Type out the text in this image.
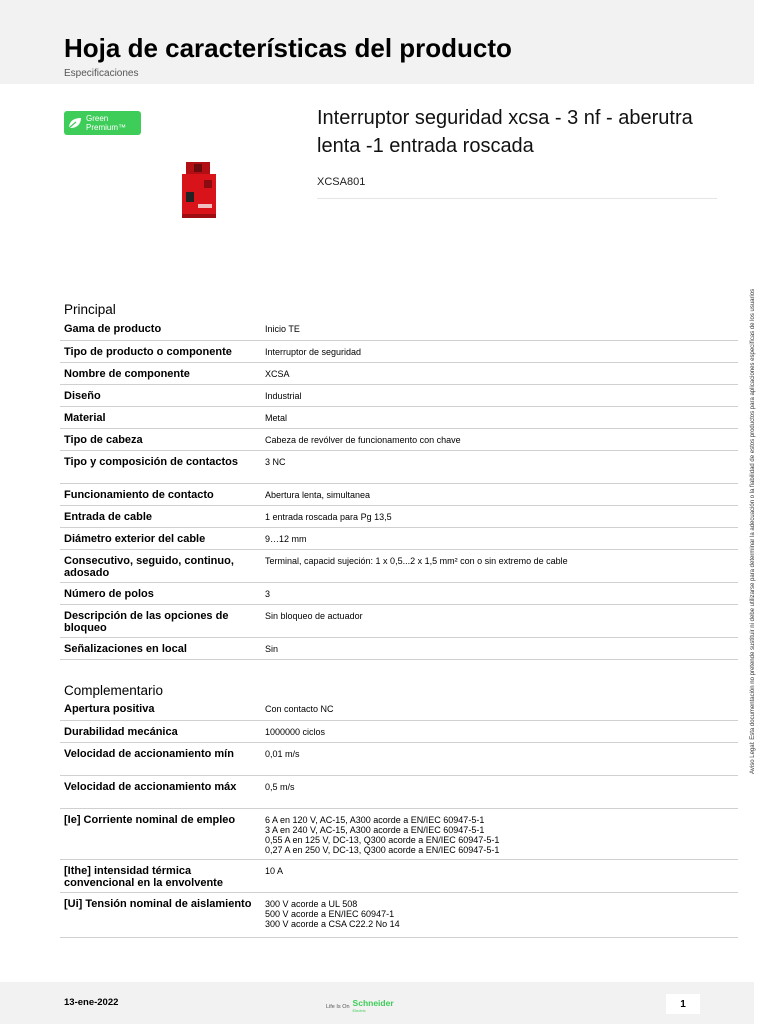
Hoja de características del producto
Especificaciones
Green
Premium™	Interruptor seguridad xcsa - 3 nf - aberutra lenta -1 entrada roscada
XCSA801
Principal
Gama de producto	Inicio TE

Tipo de producto o componente	Interruptor de seguridad

Nombre de componente	XCSA

Diseño	Industrial

Material	Metal

Tipo de cabeza	Cabeza de revólver de funcionamento con chave

Tipo y composición de contactos	3 NC

Funcionamiento de contacto	Abertura lenta, simultanea

Entrada de cable	1 entrada roscada para Pg 13,5

Diámetro exterior del cable	9…12 mm

Consecutivo, seguido, continuo, adosado	Terminal, capacid sujeción: 1 x 0,5...2 x 1,5 mm² con o sin extremo de cable

Número de polos	3

Descripción de las opciones de bloqueo	Sin bloqueo de actuador

Señalizaciones en local	Sin
Complementario
Apertura positiva	Con contacto NC

Durabilidad mecánica	1000000 ciclos

Velocidad de accionamiento mín	0,01 m/s

Velocidad de accionamiento máx	0,5 m/s

[Ie] Corriente nominal de empleo	6 A en 120 V, AC-15, A300 acorde a EN/IEC 60947-5-1
3 A en 240 V, AC-15, A300 acorde a EN/IEC 60947-5-1
0,55 A en 125 V, DC-13, Q300 acorde a EN/IEC 60947-5-1
0,27 A en 250 V, DC-13, Q300 acorde a EN/IEC 60947-5-1

[Ithe] intensidad térmica convencional en la envolvente	10 A

[Ui] Tensión nominal de aislamiento	300 V acorde a UL 508
500 V acorde a EN/IEC 60947-1
300 V acorde a CSA C22.2 No 14
Aviso Legal: Esta documentación no pretende sustituir ni debe utilizarse para determinar la adecuación o la fiabilidad de estos productos para aplicaciones específicas de los usuarios
13-ene-2022	Life Is On Schneider
Electric
1
